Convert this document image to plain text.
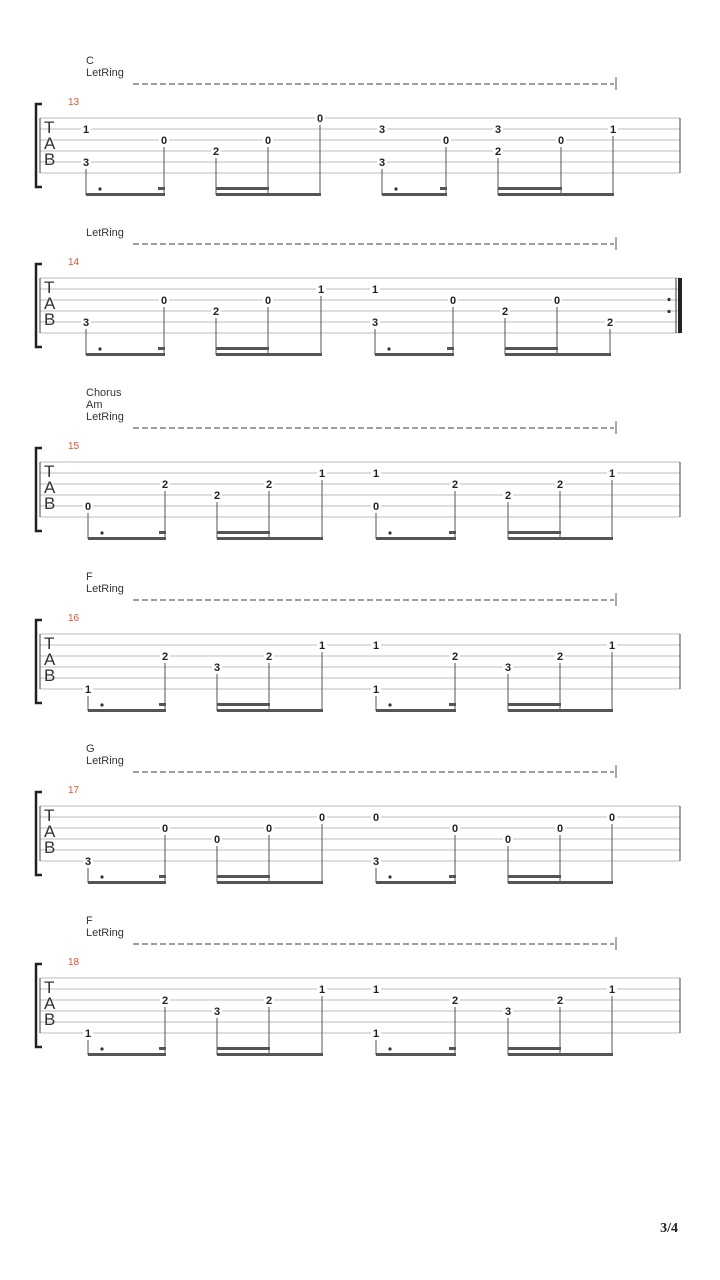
C
LetRing
13
T
A
B
1
3
0
2
0
0
3
3
0
3
2
0
1
LetRing
14
T
A
B	3
0
2
0
1	1
3
0
2
0
2
Chorus
Am
LetRing
15
T
A
B	0
2
2
2
1	1
0
2
2
2
1
F
LetRing
16
T
A
B
1
2
3
2
1	1
1
2
3
2
1
G
LetRing
17
T
A
B
3
0
0
0
0	0
3
0
0
0
0
F
LetRing
18
T
A
B
1
2
3
2
1	1
1
2
3
2
1
3/4
